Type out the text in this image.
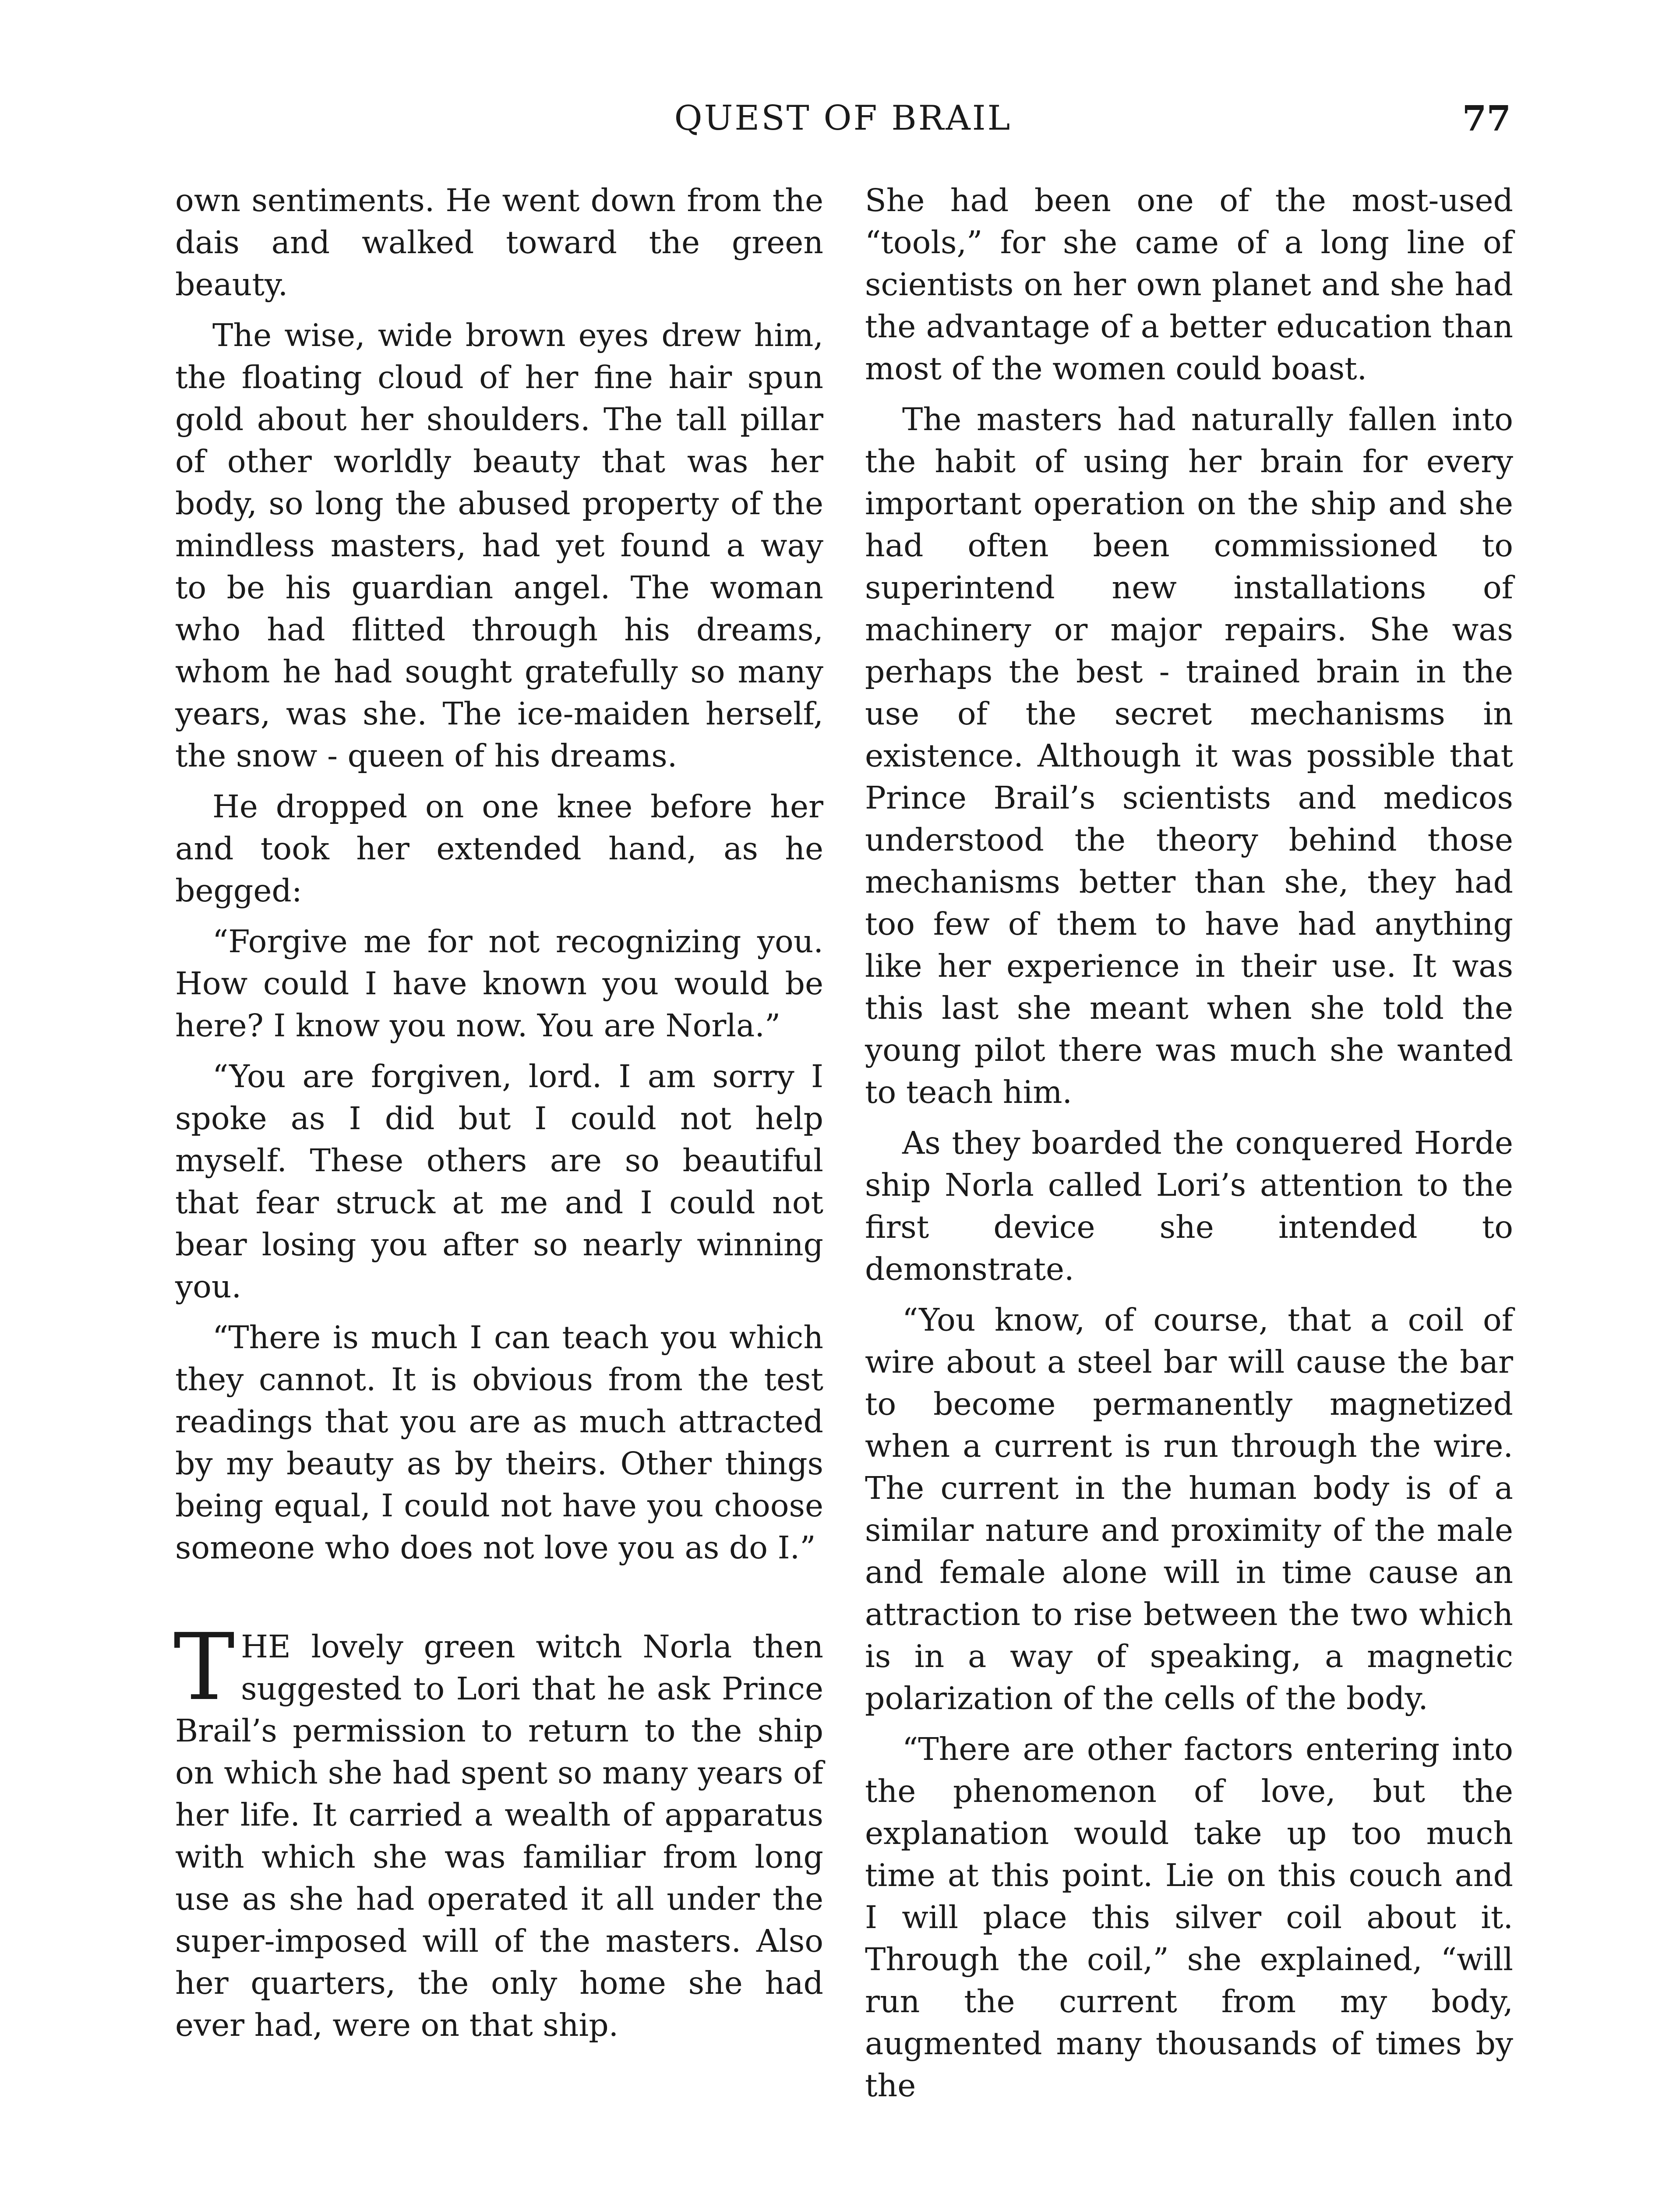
QUEST OF BRAIL	77

own sentiments. He went down from the dais and walked toward the green beauty.

The wise, wide brown eyes drew him, the floating cloud of her fine hair spun gold about her shoulders. The tall pillar of other worldly beauty that was her body, so long the abused property of the mindless masters, had yet found a way to be his guardian angel. The woman who had flitted through his dreams, whom he had sought gratefully so many years, was she. The ice-maiden herself, the snow - queen of his dreams.

He dropped on one knee before her and took her extended hand, as he begged:

“Forgive me for not recognizing you. How could I have known you would be here? I know you now. You are Norla.”

“You are forgiven, lord. I am sorry I spoke as I did but I could not help myself. These others are so beautiful that fear struck at me and I could not bear losing you after so nearly winning you.

“There is much I can teach you which they cannot. It is obvious from the test readings that you are as much attracted by my beauty as by theirs. Other things being equal, I could not have you choose someone who does not love you as do I.”

T HE lovely green witch Norla then suggested to Lori that he ask Prince Brail’s permission to return to the ship on which she had spent so many years of her life. It carried a wealth of apparatus with which she was familiar from long use as she had operated it all under the super-imposed will of the masters. Also her quarters, the only home she had ever had, were on that ship.

She had been one of the most-used “tools,” for she came of a long line of scientists on her own planet and she had the advantage of a better education than most of the women could boast.

The masters had naturally fallen into the habit of using her brain for every important operation on the ship and she had often been commissioned to superintend new installations of machinery or major repairs. She was perhaps the best - trained brain in the use of the secret mechanisms in existence. Although it was possible that Prince Brail’s scientists and medicos understood the theory behind those mechanisms better than she, they had too few of them to have had anything like her experience in their use. It was this last she meant when she told the young pilot there was much she wanted to teach him.

As they boarded the conquered Horde ship Norla called Lori’s attention to the first device she intended to demonstrate.

“You know, of course, that a coil of wire about a steel bar will cause the bar to become permanently magnetized when a current is run through the wire. The current in the human body is of a similar nature and proximity of the male and female alone will in time cause an attraction to rise between the two which is in a way of speaking, a magnetic polarization of the cells of the body.

“There are other factors entering into the phenomenon of love, but the explanation would take up too much time at this point. Lie on this couch and I will place this silver coil about it. Through the coil,” she explained, “will run the current from my body, augmented many thousands of times by the
